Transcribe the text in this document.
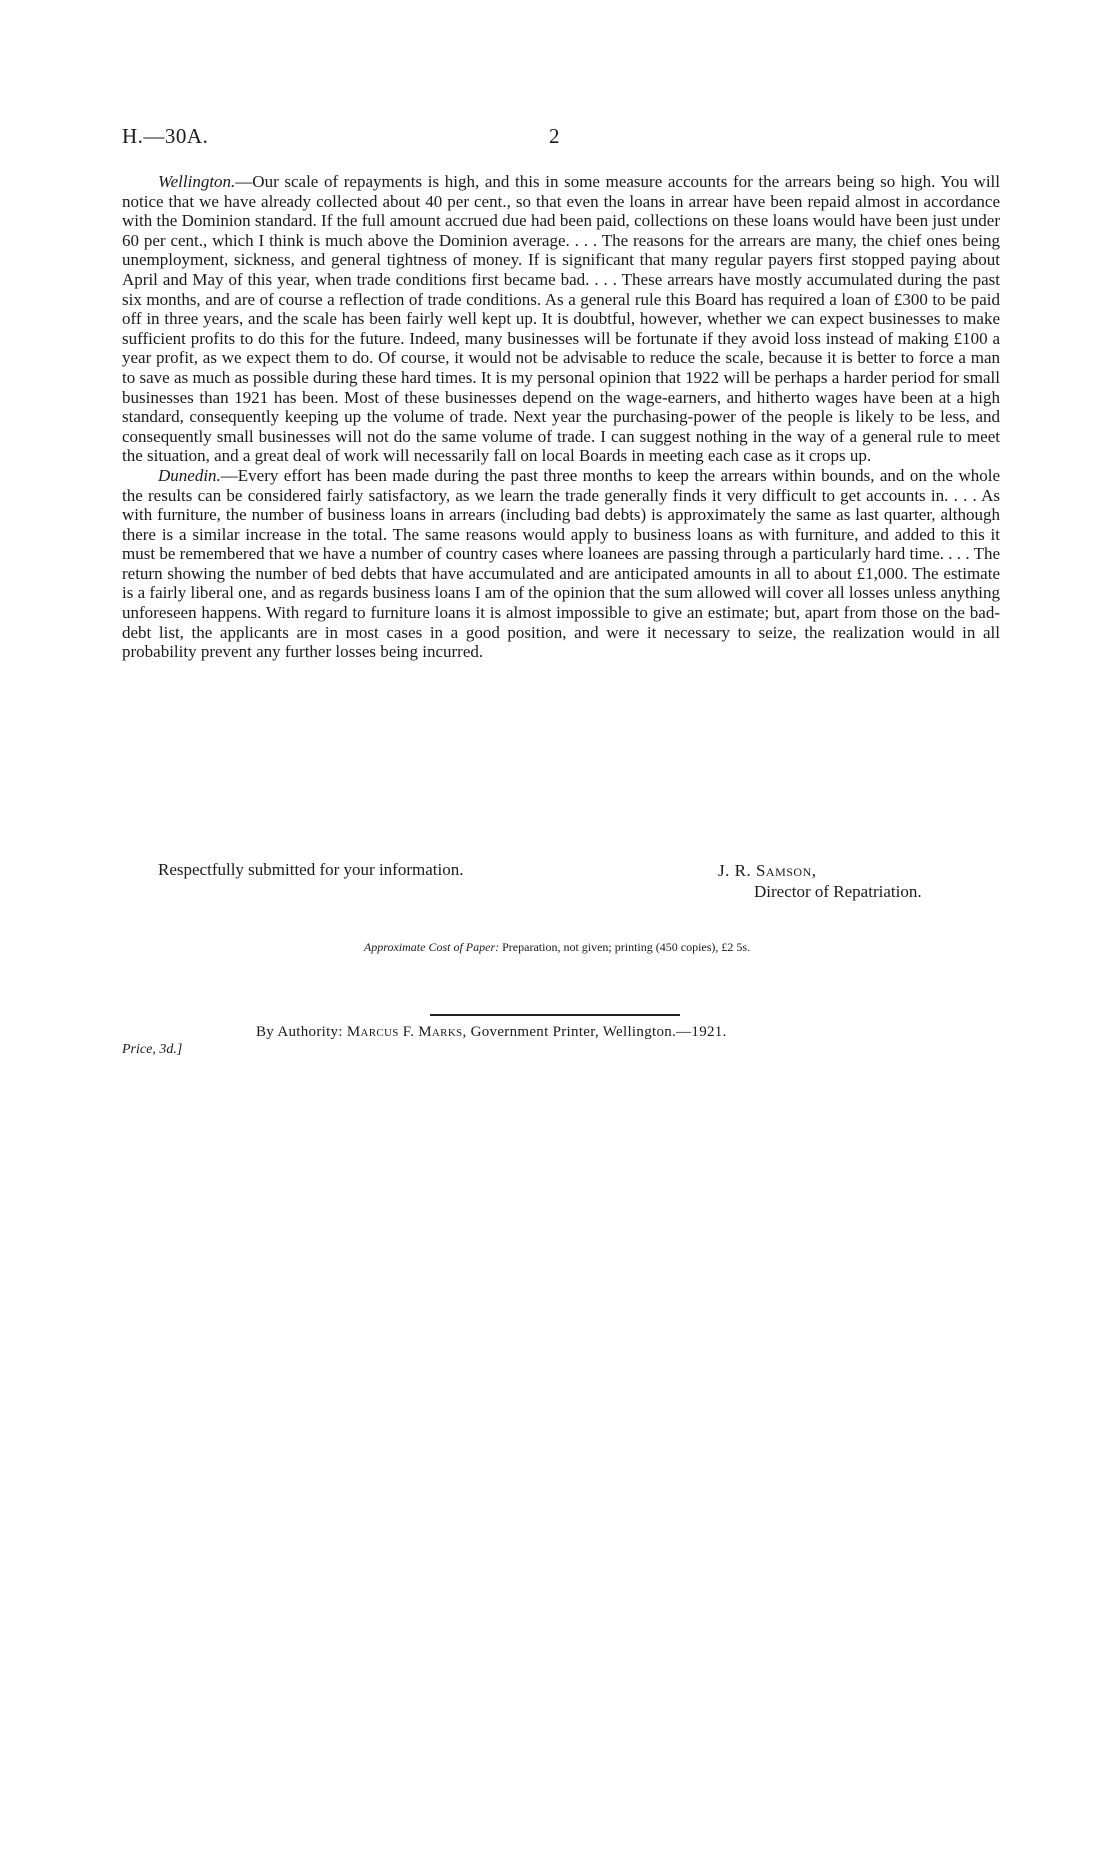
H.—30A.	2

Wellington.—Our scale of repayments is high, and this in some measure accounts for the arrears being so high. You will notice that we have already collected about 40 per cent., so that even the loans in arrear have been repaid almost in accordance with the Dominion standard. If the full amount accrued due had been paid, collections on these loans would have been just under 60 per cent., which I think is much above the Dominion average. . . . The reasons for the arrears are many, the chief ones being unemployment, sickness, and general tightness of money. If is significant that many regular payers first stopped paying about April and May of this year, when trade conditions first became bad. . . . These arrears have mostly accumulated during the past six months, and are of course a reflection of trade conditions. As a general rule this Board has required a loan of £300 to be paid off in three years, and the scale has been fairly well kept up. It is doubtful, however, whether we can expect businesses to make sufficient profits to do this for the future. Indeed, many businesses will be fortunate if they avoid loss instead of making £100 a year profit, as we expect them to do. Of course, it would not be advisable to reduce the scale, because it is better to force a man to save as much as possible during these hard times. It is my personal opinion that 1922 will be perhaps a harder period for small businesses than 1921 has been. Most of these businesses depend on the wage-earners, and hitherto wages have been at a high standard, consequently keeping up the volume of trade. Next year the purchasing-power of the people is likely to be less, and consequently small businesses will not do the same volume of trade. I can suggest nothing in the way of a general rule to meet the situation, and a great deal of work will necessarily fall on local Boards in meeting each case as it crops up.

Dunedin.—Every effort has been made during the past three months to keep the arrears within bounds, and on the whole the results can be considered fairly satisfactory, as we learn the trade generally finds it very difficult to get accounts in. . . . As with furniture, the number of business loans in arrears (including bad debts) is approximately the same as last quarter, although there is a similar increase in the total. The same reasons would apply to business loans as with furniture, and added to this it must be remembered that we have a number of country cases where loanees are passing through a particularly hard time. . . . The return showing the number of bed debts that have accumulated and are anticipated amounts in all to about £1,000. The estimate is a fairly liberal one, and as regards business loans I am of the opinion that the sum allowed will cover all losses unless anything unforeseen happens. With regard to furniture loans it is almost impossible to give an estimate; but, apart from those on the bad-debt list, the applicants are in most cases in a good position, and were it necessary to seize, the realization would in all probability prevent any further losses being incurred.

Respectfully submitted for your information.	J. R. Samson,
Director of Repatriation.
Approximate Cost of Paper: Preparation, not given; printing (450 copies), £2 5s.
By Authority: Marcus F. Marks, Government Printer, Wellington.—1921.
Price, 3d.]
